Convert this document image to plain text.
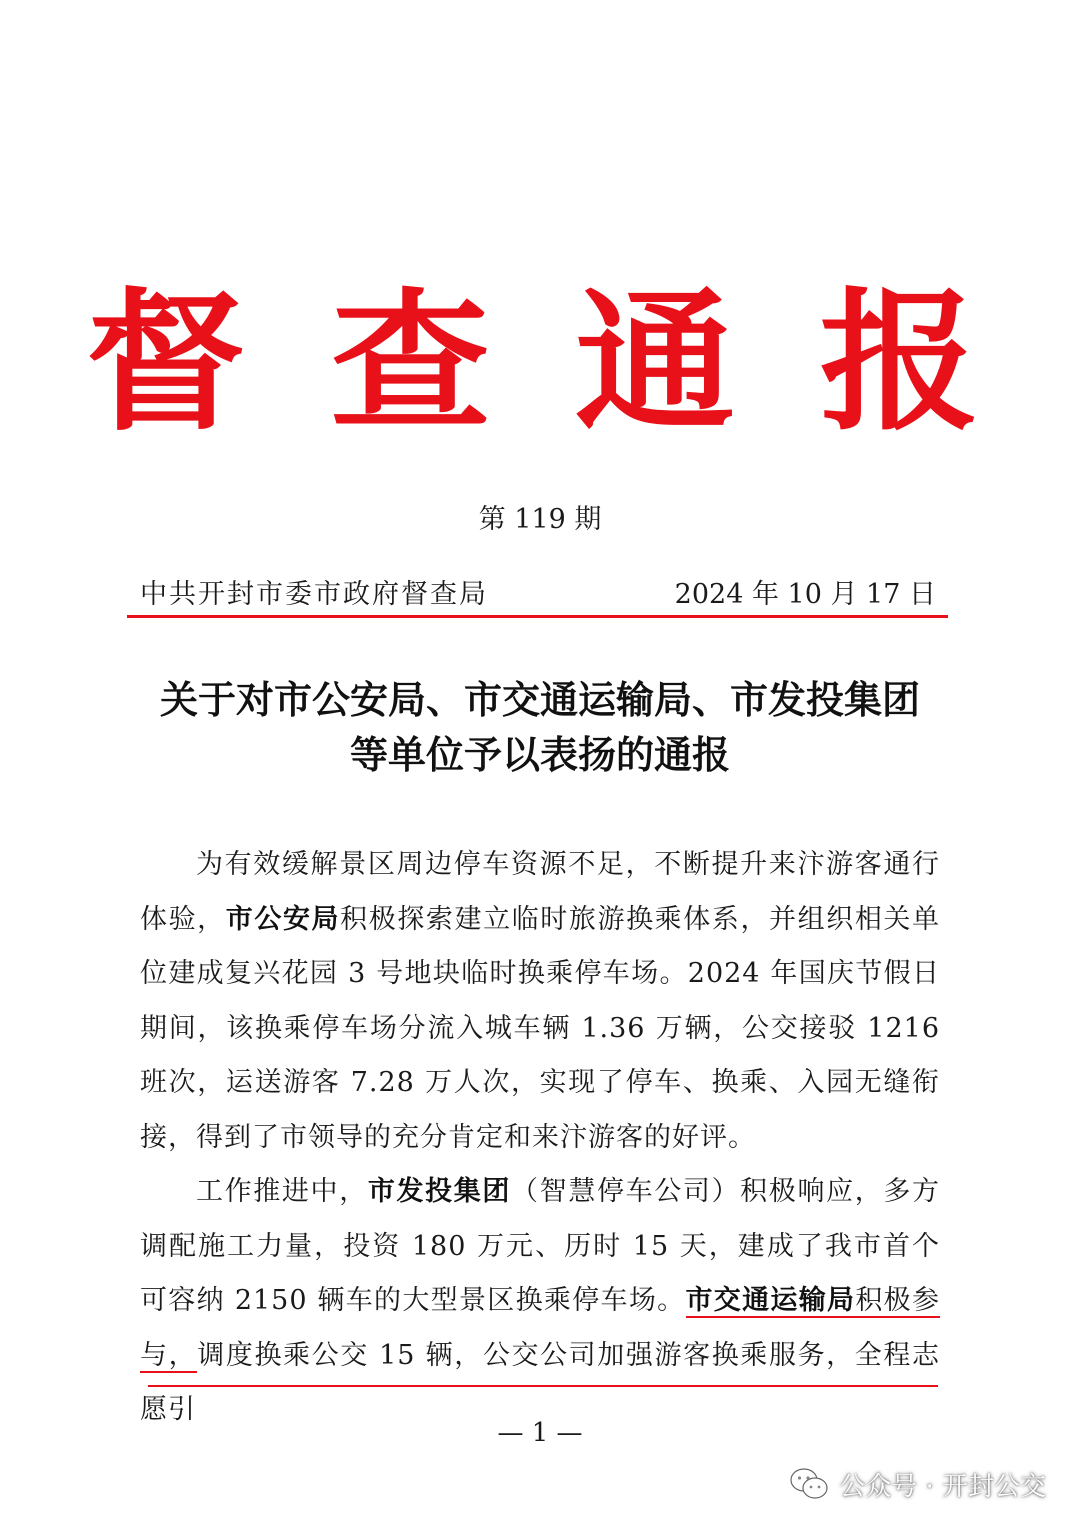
督 查 通 报
第 119 期
中共开封市委市政府督查局	2024 年 10 月 17 日
关于对市公安局、市交通运输局、市发投集团
等单位予以表扬的通报

为有效缓解景区周边停车资源不足，不断提升来汴游客通行体验，市公安局积极探索建立临时旅游换乘体系，并组织相关单位建成复兴花园 3 号地块临时换乘停车场。2024 年国庆节假日期间，该换乘停车场分流入城车辆 1.36 万辆，公交接驳 1216 班次，运送游客 7.28 万人次，实现了停车、换乘、入园无缝衔接，得到了市领导的充分肯定和来汴游客的好评。

工作推进中，市发投集团（智慧停车公司）积极响应，多方调配施工力量，投资 180 万元、历时 15 天，建成了我市首个可容纳 2150 辆车的大型景区换乘停车场。市交通运输局积极参与，调度换乘公交 15 辆，公交公司加强游客换乘服务，全程志愿引

— 1 —
公众号 · 开封公交
